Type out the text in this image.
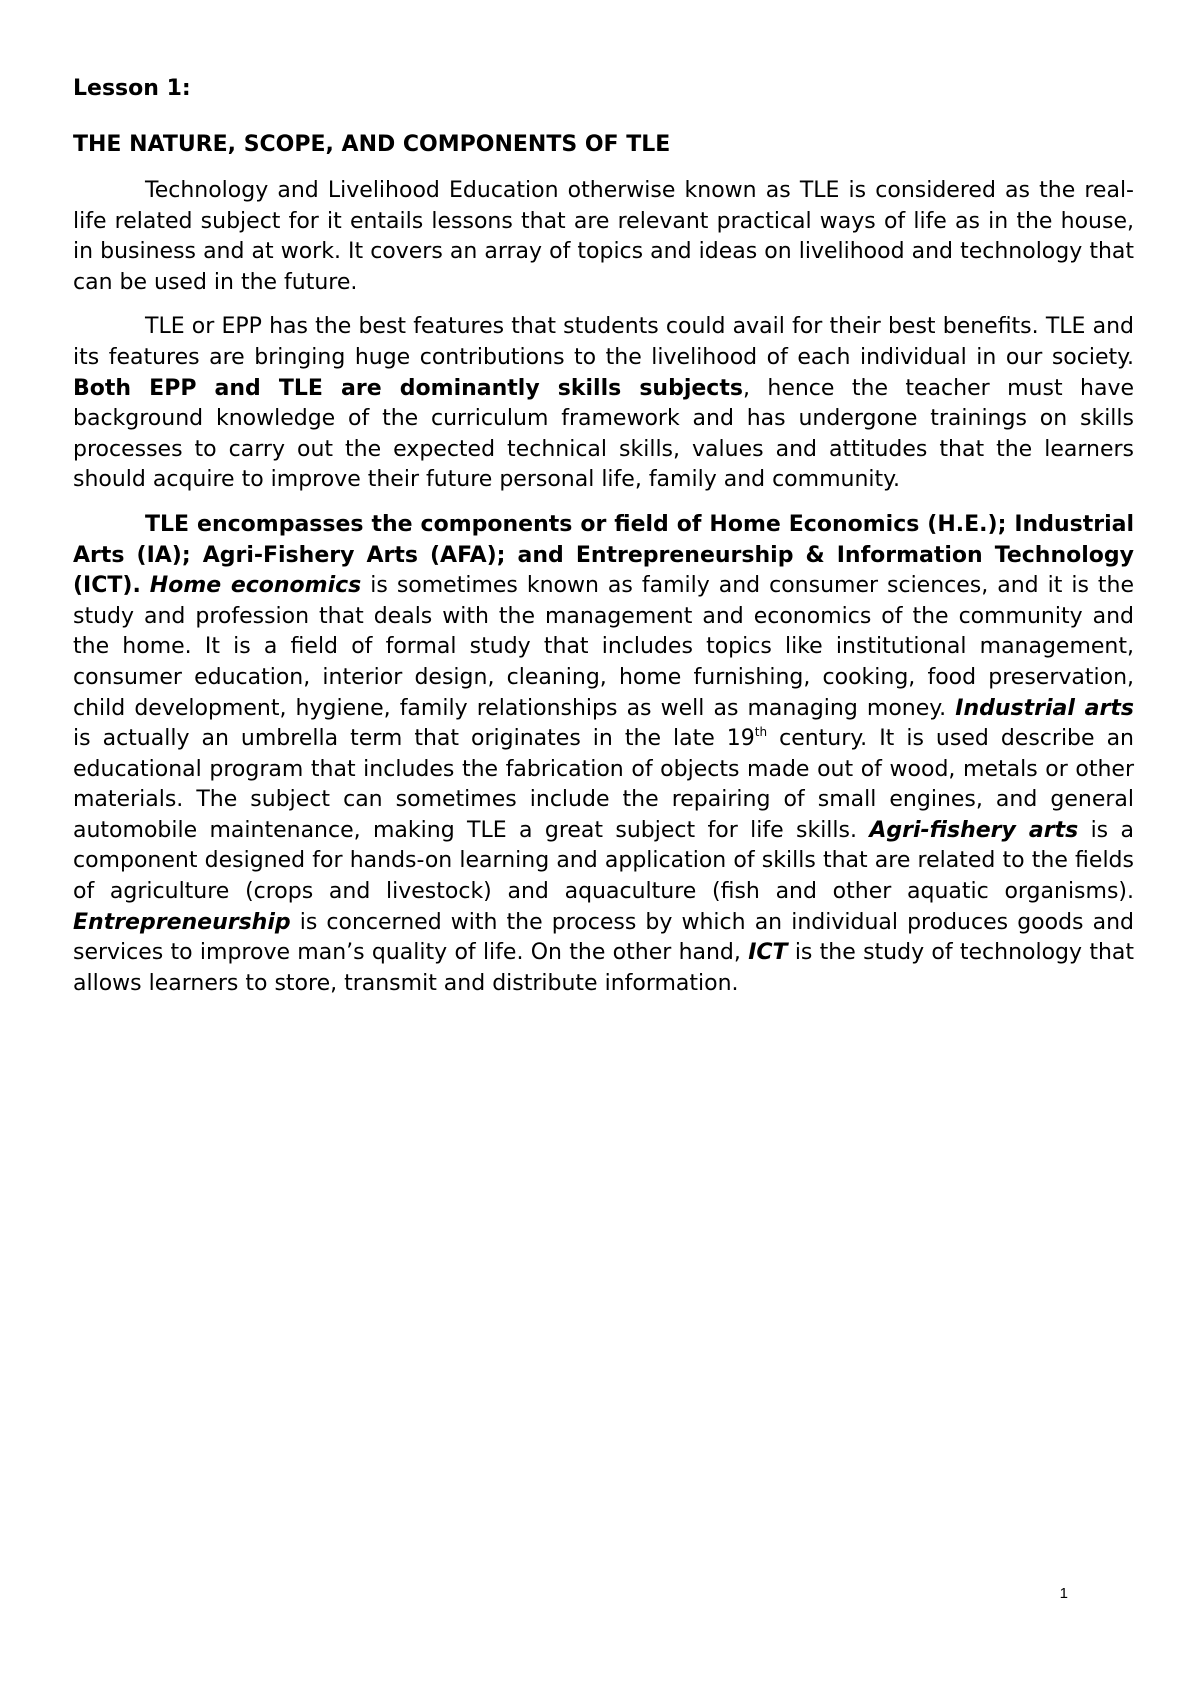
Lesson 1:

THE NATURE, SCOPE, AND COMPONENTS OF TLE

Technology and Livelihood Education otherwise known as TLE is considered as the real-life related subject for it entails lessons that are relevant practical ways of life as in the house, in business and at work. It covers an array of topics and ideas on livelihood and technology that can be used in the future.

TLE or EPP has the best features that students could avail for their best benefits. TLE and its features are bringing huge contributions to the livelihood of each individual in our society. Both EPP and TLE are dominantly skills subjects, hence the teacher must have background knowledge of the curriculum framework and has undergone trainings on skills processes to carry out the expected technical skills, values and attitudes that the learners should acquire to improve their future personal life, family and community.

TLE encompasses the components or field of Home Economics (H.E.); Industrial Arts (IA); Agri-Fishery Arts (AFA); and Entrepreneurship & Information Technology (ICT). Home economics is sometimes known as family and consumer sciences, and it is the study and profession that deals with the management and economics of the community and the home. It is a field of formal study that includes topics like institutional management, consumer education, interior design, cleaning, home furnishing, cooking, food preservation, child development, hygiene, family relationships as well as managing money. Industrial arts is actually an umbrella term that originates in the late 19th century. It is used describe an educational program that includes the fabrication of objects made out of wood, metals or other materials. The subject can sometimes include the repairing of small engines, and general automobile maintenance, making TLE a great subject for life skills. Agri-fishery arts is a component designed for hands-on learning and application of skills that are related to the fields of agriculture (crops and livestock) and aquaculture (fish and other aquatic organisms). Entrepreneurship is concerned with the process by which an individual produces goods and services to improve man’s quality of life. On the other hand, ICT is the study of technology that allows learners to store, transmit and distribute information.

1
